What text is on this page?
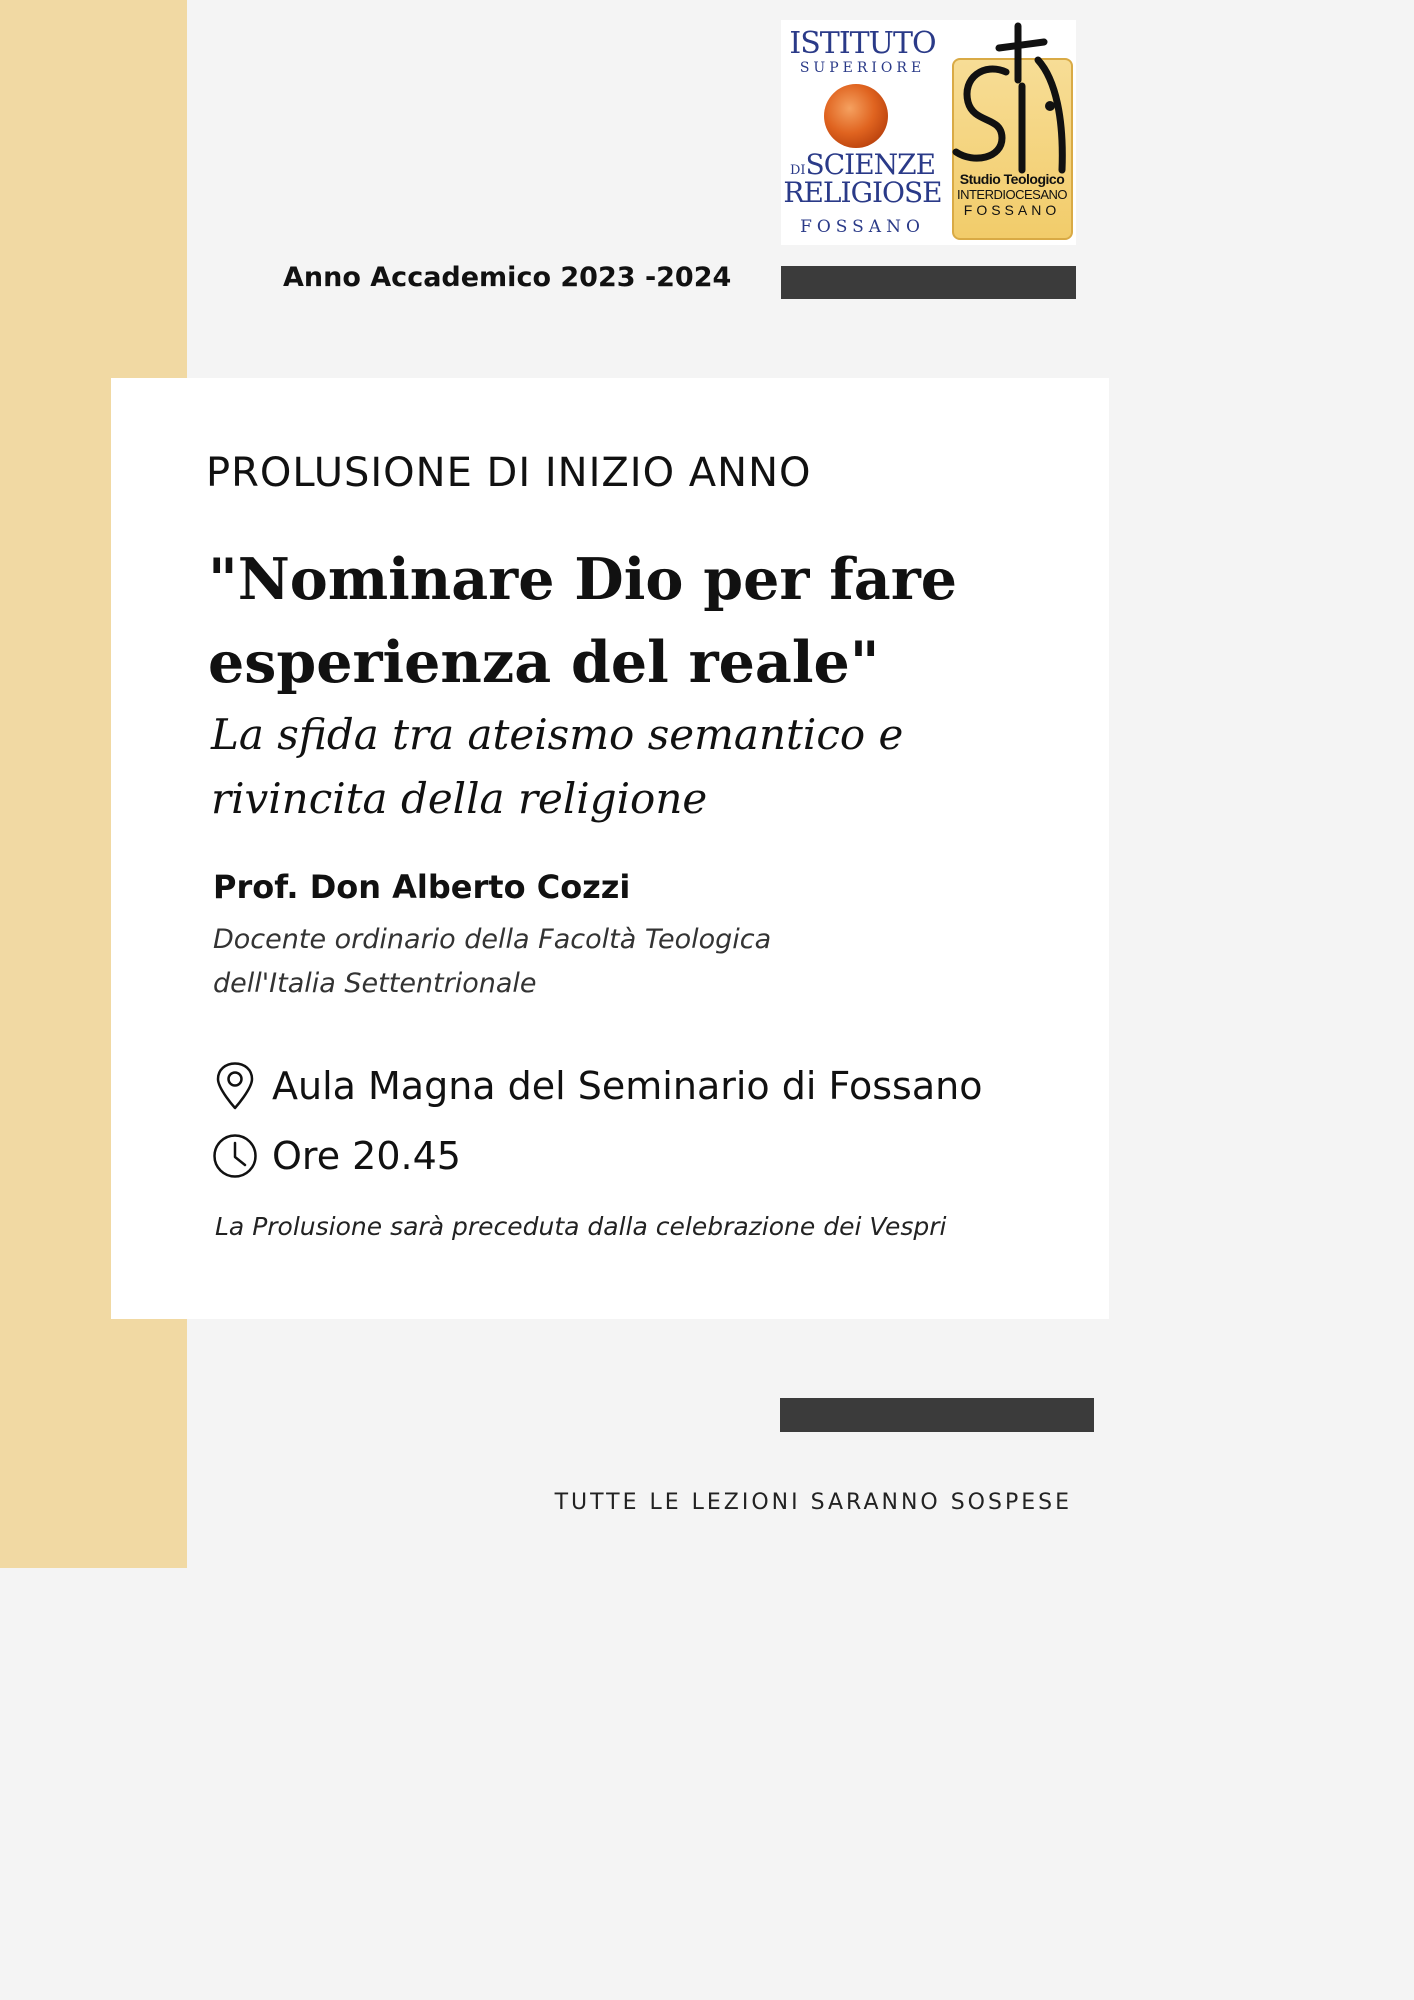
ISTITUTO
SUPERIORE
DISCIENZE
RELIGIOSE
FOSSANO
Studio Teologico
INTERDIOCESANO
FOSSANO
Anno Accademico 2023 -2024
PROLUSIONE DI INIZIO ANNO
"Nominare Dio per fare
esperienza del reale"
La sfida tra ateismo semantico e
rivincita della religione
Prof. Don Alberto Cozzi
Docente ordinario della Facoltà Teologica
dell'Italia Settentrionale
Aula Magna del Seminario di Fossano
Ore 20.45
La Prolusione sarà preceduta dalla celebrazione dei Vespri
TUTTE LE LEZIONI SARANNO SOSPESE
